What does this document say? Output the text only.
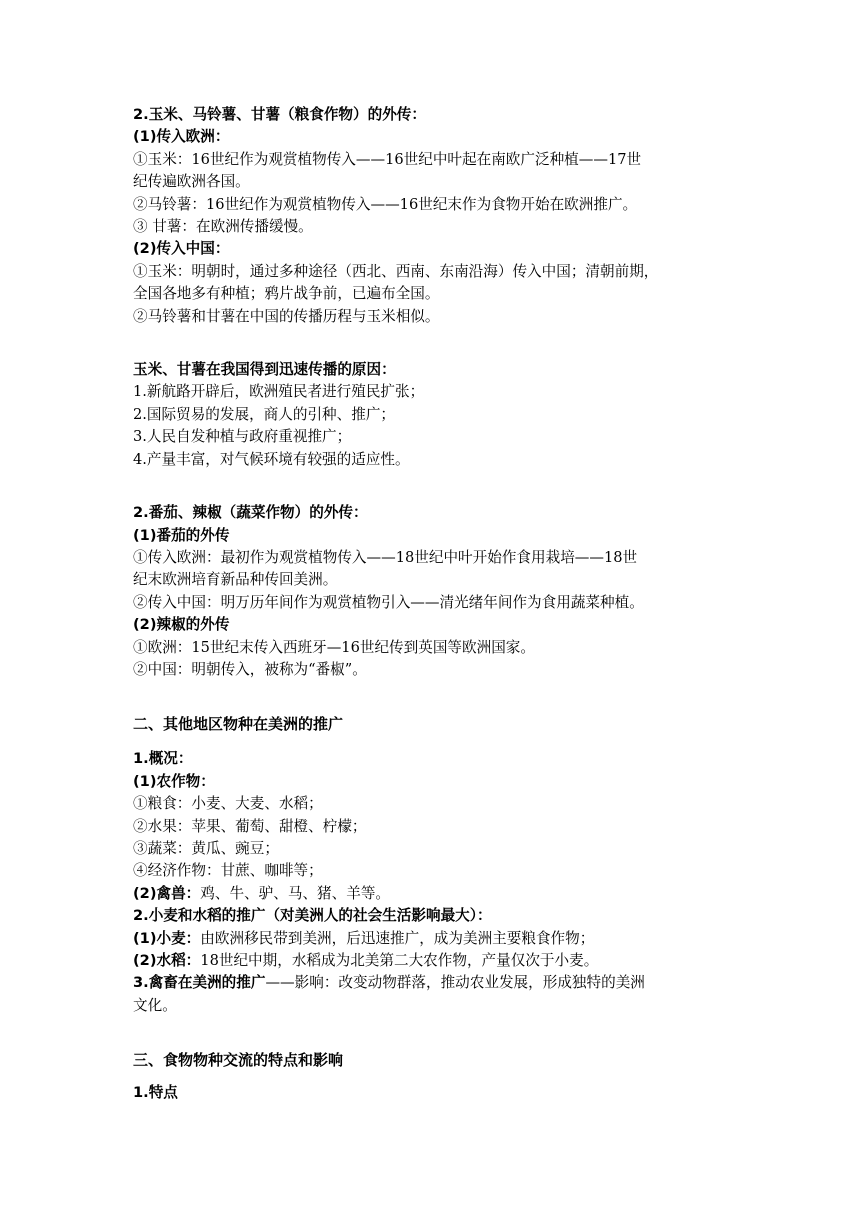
2.玉米、马铃薯、甘薯（粮食作物）的外传：
(1)传入欧洲：
①玉米：16世纪作为观赏植物传入——16世纪中叶起在南欧广泛种植——17世
纪传遍欧洲各国。
②马铃薯：16世纪作为观赏植物传入——16世纪末作为食物开始在欧洲推广。
③ 甘薯：在欧洲传播缓慢。
(2)传入中国：
①玉米：明朝时，通过多种途径（西北、西南、东南沿海）传入中国；清朝前期，
全国各地多有种植；鸦片战争前，已遍布全国。
②马铃薯和甘薯在中国的传播历程与玉米相似。
玉米、甘薯在我国得到迅速传播的原因：
1.新航路开辟后，欧洲殖民者进行殖民扩张；
2.国际贸易的发展，商人的引种、推广；
3.人民自发种植与政府重视推广；
4.产量丰富，对气候环境有较强的适应性。
2.番茄、辣椒（蔬菜作物）的外传：
(1)番茄的外传
①传入欧洲：最初作为观赏植物传入——18世纪中叶开始作食用栽培——18世
纪末欧洲培育新品种传回美洲。
②传入中国：明万历年间作为观赏植物引入——清光绪年间作为食用蔬菜种植。
(2)辣椒的外传
①欧洲：15世纪末传入西班牙—16世纪传到英国等欧洲国家。
②中国：明朝传入，被称为“番椒”。
二、其他地区物种在美洲的推广
1.概况：
(1)农作物：
①粮食：小麦、大麦、水稻；
②水果：苹果、葡萄、甜橙、柠檬；
③蔬菜：黄瓜、豌豆；
④经济作物：甘蔗、咖啡等；
(2)禽兽：鸡、牛、驴、马、猪、羊等。
2.小麦和水稻的推广（对美洲人的社会生活影响最大）：
(1)小麦：由欧洲移民带到美洲，后迅速推广，成为美洲主要粮食作物；
(2)水稻：18世纪中期，水稻成为北美第二大农作物，产量仅次于小麦。
3.禽畜在美洲的推广——影响：改变动物群落，推动农业发展，形成独特的美洲
文化。
三、食物物种交流的特点和影响
1.特点
